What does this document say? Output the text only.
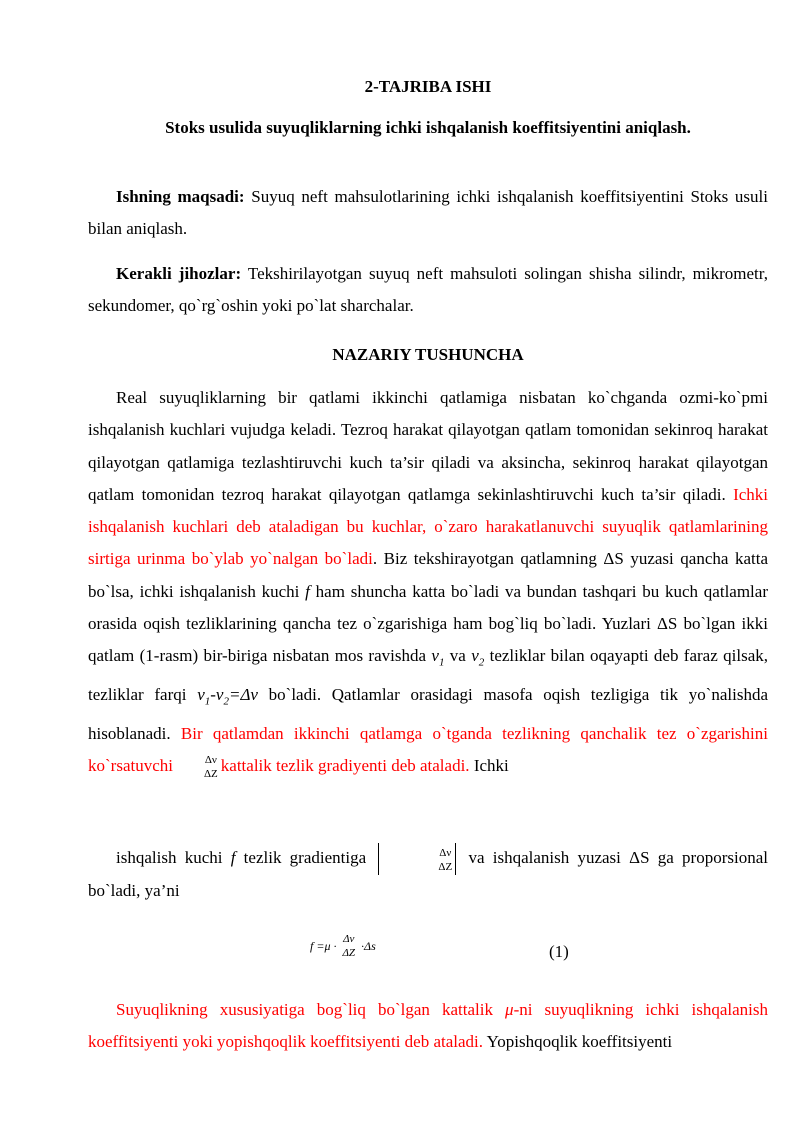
2-TAJRIBA ISHI
Stoks usulida suyuqliklarning ichki ishqalanish koeffitsiyentini aniqlash.

Ishning maqsadi: Suyuq neft mahsulotlarining ichki ishqalanish koeffitsiyentini Stoks usuli bilan aniqlash.

Kerakli jihozlar: Tekshirilayotgan suyuq neft mahsuloti solingan shisha silindr, mikrometr, sekundomer, qo`rg`oshin yoki po`lat sharchalar.

NAZARIY TUSHUNCHA

Real suyuqliklarning bir qatlami ikkinchi qatlamiga nisbatan ko`chganda ozmi-ko`pmi ishqalanish kuchlari vujudga keladi. Tezroq harakat qilayotgan qatlam tomonidan sekinroq harakat qilayotgan qatlamiga tezlashtiruvchi kuch ta’sir qiladi va aksincha, sekinroq harakat qilayotgan qatlam tomonidan tezroq harakat qilayotgan qatlamga sekinlashtiruvchi kuch ta’sir qiladi. Ichki ishqalanish kuchlari deb ataladigan bu kuchlar, o`zaro harakatlanuvchi suyuqlik qatlamlarining sirtiga urinma bo`ylab yo`nalgan bo`ladi. Biz tekshirayotgan qatlamning ΔS yuzasi qancha katta bo`lsa, ichki ishqalanish kuchi f ham shuncha katta bo`ladi va bundan tashqari bu kuch qatlamlar orasida oqish tezliklarining qancha tez o`zgarishiga ham bog`liq bo`ladi. Yuzlari ΔS bo`lgan ikki qatlam (1-rasm) bir-biriga nisbatan mos ravishda $v_1$ va $v_2$ tezliklar bilan oqayapti deb faraz qilsak, tezliklar farqi $v_1-v_2=\Delta v$ bo`ladi. Qatlamlar orasidagi masofa oqish tezligiga tik yo`nalishda hisoblanadi. Bir qatlamdan ikkinchi qatlamga o`tganda tezlikning qanchalik tez o`zgarishini ko`rsatuvchi	Δν
ΔZ kattalik tezlik gradiyenti deb ataladi. Ichki

ishqalish kuchi f tezlik gradientiga	Δν
ΔZ
va ishqalanish yuzasi ΔS ga proporsional bo`ladi, ya’ni

f =μ · Δν
ΔZ
·Δs	(1)

Suyuqlikning xususiyatiga bog`liq bo`lgan kattalik μ-ni suyuqlikning ichki ishqalanish koeffitsiyenti yoki yopishqoqlik koeffitsiyenti deb ataladi. Yopishqoqlik koeffitsiyenti
